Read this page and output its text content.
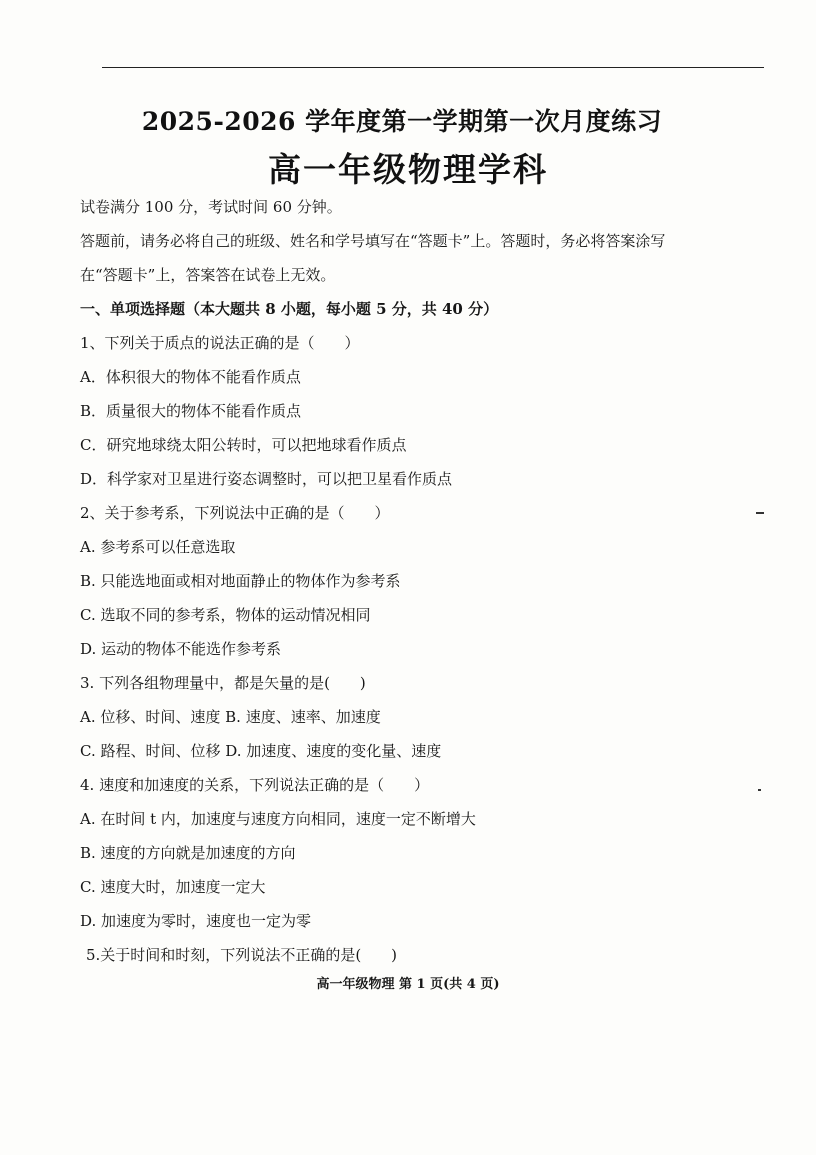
2025-2026 学年度第一学期第一次月度练习
高一年级物理学科
试卷满分 100 分，考试时间 60 分钟。
答题前，请务必将自己的班级、姓名和学号填写在“答题卡”上。答题时，务必将答案涂写
在“答题卡”上，答案答在试卷上无效。
一、单项选择题（本大题共 8 小题，每小题 5 分，共 40 分）
1、下列关于质点的说法正确的是（　　）
A．体积很大的物体不能看作质点
B．质量很大的物体不能看作质点
C．研究地球绕太阳公转时，可以把地球看作质点
D．科学家对卫星进行姿态调整时，可以把卫星看作质点
2、关于参考系，下列说法中正确的是（　　）
A. 参考系可以任意选取
B. 只能选地面或相对地面静止的物体作为参考系
C. 选取不同的参考系，物体的运动情况相同
D. 运动的物体不能选作参考系
3. 下列各组物理量中，都是矢量的是(　　)
A. 位移、时间、速度 B. 速度、速率、加速度
C. 路程、时间、位移 D. 加速度、速度的变化量、速度
4. 速度和加速度的关系，下列说法正确的是（　　）
A. 在时间 t 内，加速度与速度方向相同，速度一定不断增大
B. 速度的方向就是加速度的方向
C. 速度大时，加速度一定大
D. 加速度为零时，速度也一定为零
5.关于时间和时刻，下列说法不正确的是(　　)
高一年级物理 第 1 页(共 4 页)
